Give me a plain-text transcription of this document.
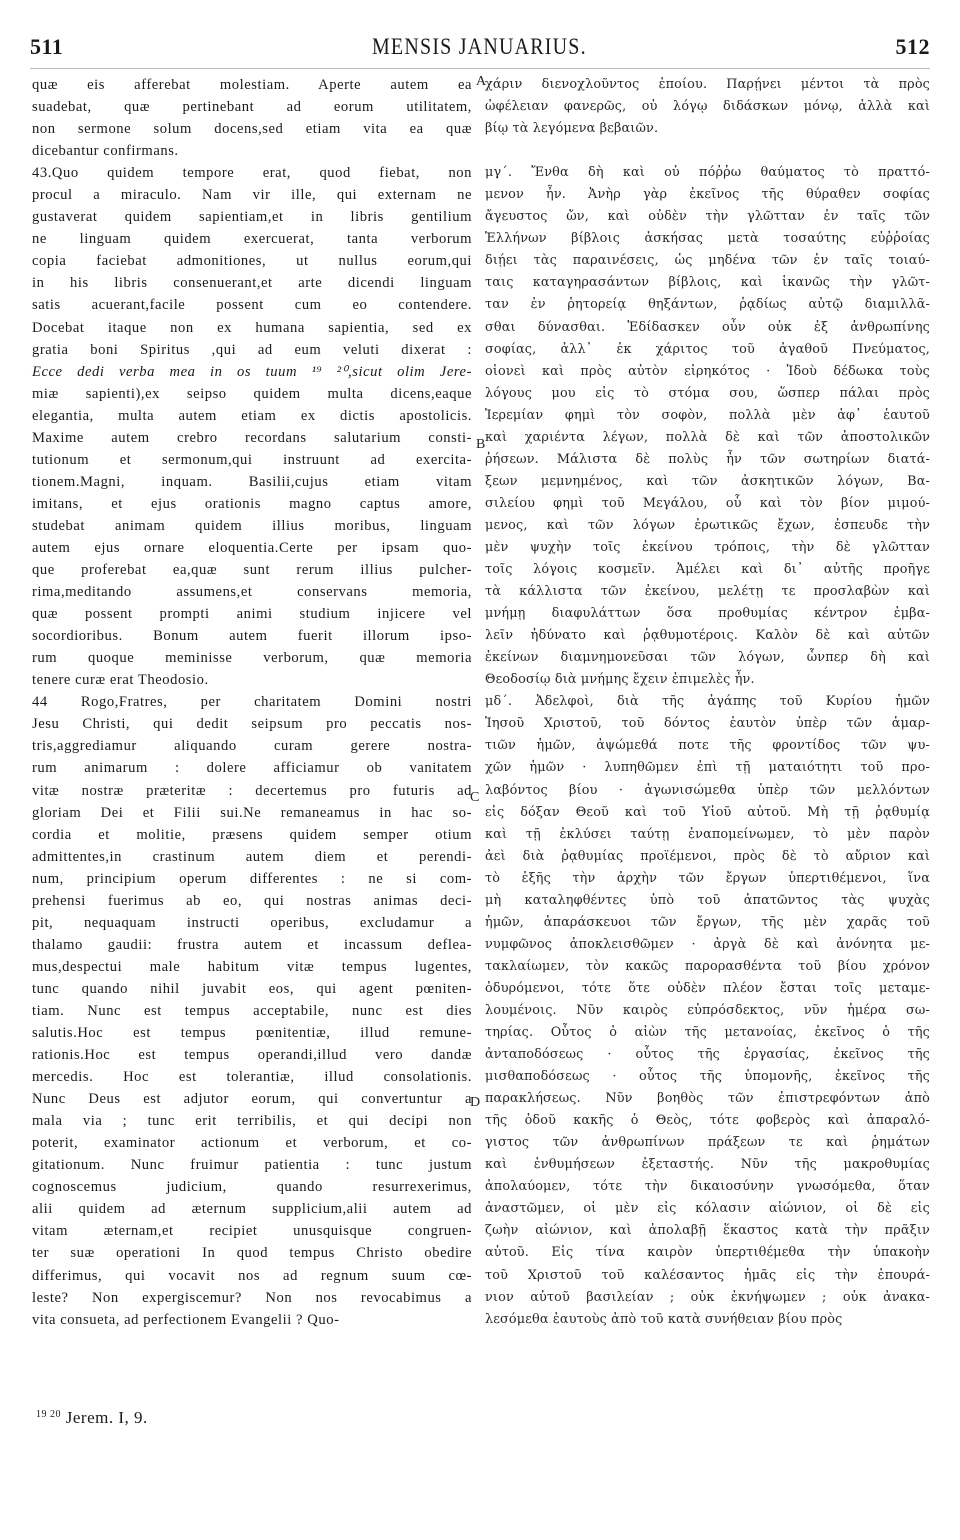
511	MENSIS JANUARIUS.	512
quæ eis afferebat molestiam. Aperte autem ea
suadebat, quæ pertinebant ad eorum utilitatem,
non sermone solum docens,sed etiam vita ea quæ
dicebantur confirmans.
43.Quo quidem tempore erat, quod fiebat, non
procul a miraculo. Nam vir ille, qui externam ne
gustaverat quidem sapientiam,et in libris gentilium
ne linguam quidem exercuerat, tanta verborum
copia faciebat admonitiones, ut nullus eorum,qui
in his libris consenuerant,et arte dicendi linguam
satis acuerant,facile possent cum eo contendere.
Docebat itaque non ex humana sapientia, sed ex
gratia boni Spiritus ,qui ad eum veluti dixerat :
Ecce dedi verba mea in os tuum ¹⁹ ²⁰,sicut olim Jere-
miæ sapienti),ex seipso quidem multa dicens,eaque
elegantia, multa autem etiam ex dictis apostolicis.
Maxime autem crebro recordans salutarium consti-
tutionum et sermonum,qui instruunt ad exercita-
tionem.Magni, inquam. Basilii,cujus etiam vitam
imitans, et ejus orationis magno captus amore,
studebat animam quidem illius moribus, linguam
autem ejus ornare eloquentia.Certe per ipsam quo-
que proferebat ea,quæ sunt rerum illius pulcher-
rima,meditando assumens,et conservans memoria,
quæ possent prompti animi studium injicere vel
socordioribus. Bonum autem fuerit illorum ipso-
rum quoque meminisse verborum, quæ memoria
tenere curæ erat Theodosio.
44 Rogo,Fratres, per charitatem Domini nostri
Jesu Christi, qui dedit seipsum pro peccatis nos-
tris,aggrediamur aliquando curam gerere nostra-
rum animarum : dolere afficiamur ob vanitatem
vitæ nostræ præteritæ : decertemus pro futuris ad
gloriam Dei et Filii sui.Ne remaneamus in hac so-
cordia et molitie, præsens quidem semper otium
admittentes,in crastinum autem diem et perendi-
num, principium operum differentes : ne si com-
prehensi fuerimus ab eo, qui nostras animas deci-
pit, nequaquam instructi operibus, excludamur a
thalamo gaudii: frustra autem et incassum deflea-
mus,despectui male habitum vitæ tempus lugentes,
tunc quando nihil juvabit eos, qui agent pœniten-
tiam. Nunc est tempus acceptabile, nunc est dies
salutis.Hoc est tempus pœnitentiæ, illud remune-
rationis.Hoc est tempus operandi,illud vero dandæ
mercedis. Hoc est tolerantiæ, illud consolationis.
Nunc Deus est adjutor eorum, qui convertuntur a
mala via ; tunc erit terribilis, et qui decipi non
poterit, examinator actionum et verborum, et co-
gitationum. Nunc fruimur patientia : tunc justum
cognoscemus judicium, quando resurrexerimus,
alii quidem ad æternum supplicium,alii autem ad
vitam æternam,et recipiet unusquisque congruen-
ter suæ operationi In quod tempus Christo obedire
differimus, qui vocavit nos ad regnum suum cœ-
leste? Non expergiscemur? Non nos revocabimus a
vita consueta, ad perfectionem Evangelii ? Quo-
χάριν διενοχλοῦντος ἐποίου. Παρῄνει μέντοι τὰ πρὸς
ὠφέλειαν φανερῶς, οὐ λόγῳ διδάσκων μόνῳ, ἀλλὰ καὶ
βίῳ τὰ λεγόμενα βεβαιῶν.
μγ΄. Ἔνθα δὴ καὶ οὐ πόῤῥω θαύματος τὸ πραττό-
μενον ἦν. Ἀνὴρ γὰρ ἐκεῖνος τῆς θύραθεν σοφίας
ἄγευστος ὤν, καὶ οὐδὲν τὴν γλῶτταν ἐν ταῖς τῶν
Ἑλλήνων βίβλοις ἀσκήσας μετὰ τοσαύτης εὐῤῥοίας
διῄει τὰς παραινέσεις, ὡς μηδένα τῶν ἐν ταῖς τοιαύ-
ταις καταγηρασάντων βίβλοις, καὶ ἱκανῶς τὴν γλῶτ-
ταν ἐν ῥητορείᾳ θηξάντων, ῥᾳδίως αὐτῷ διαμιλλᾶ-
σθαι δύνασθαι. Ἐδίδασκεν οὖν οὐκ ἐξ ἀνθρωπίνης
σοφίας, ἀλλ᾽ ἐκ χάριτος τοῦ ἀγαθοῦ Πνεύματος,
οἱονεὶ καὶ πρὸς αὐτὸν εἰρηκότος · Ἰδοὺ δέδωκα τοὺς
λόγους μου εἰς τὸ στόμα σου, ὥσπερ πάλαι πρὸς
Ἱερεμίαν φημὶ τὸν σοφὸν, πολλὰ μὲν ἀφ᾽ ἑαυτοῦ
καὶ χαριέντα λέγων, πολλὰ δὲ καὶ τῶν ἀποστολικῶν
ῥήσεων. Μάλιστα δὲ πολὺς ἦν τῶν σωτηρίων διατά-
ξεων μεμνημένος, καὶ τῶν ἀσκητικῶν λόγων, Βα-
σιλείου φημὶ τοῦ Μεγάλου, οὗ καὶ τὸν βίον μιμού-
μενος, καὶ τῶν λόγων ἐρωτικῶς ἔχων, ἐσπευδε τὴν
μὲν ψυχὴν τοῖς ἐκείνου τρόποις, τὴν δὲ γλῶτταν
τοῖς λόγοις κοσμεῖν. Ἀμέλει καὶ δι᾽ αὐτῆς προῆγε
τὰ κάλλιστα τῶν ἐκείνου, μελέτῃ τε προσλαβὼν καὶ
μνήμῃ διαφυλάττων ὅσα προθυμίας κέντρον ἐμβα-
λεῖν ἠδύνατο καὶ ῥᾳθυμοτέροις. Καλὸν δὲ καὶ αὐτῶν
ἐκείνων διαμνημονεῦσαι τῶν λόγων, ὧνπερ δὴ καὶ
Θεοδοσίῳ διὰ μνήμης ἔχειν ἐπιμελὲς ἦν.
μδ΄. Ἀδελφοὶ, διὰ τῆς ἀγάπης τοῦ Κυρίου ἡμῶν
Ἰησοῦ Χριστοῦ, τοῦ δόντος ἑαυτὸν ὑπὲρ τῶν ἁμαρ-
τιῶν ἡμῶν, ἀψώμεθά ποτε τῆς φροντίδος τῶν ψυ-
χῶν ἡμῶν · λυπηθῶμεν ἐπὶ τῇ ματαιότητι τοῦ προ-
λαβόντος βίου · ἀγωνισώμεθα ὑπὲρ τῶν μελλόντων
εἰς δόξαν Θεοῦ καὶ τοῦ Υἱοῦ αὐτοῦ. Μὴ τῇ ῥᾳθυμίᾳ
καὶ τῇ ἐκλύσει ταύτῃ ἐναπομείνωμεν, τὸ μὲν παρὸν
ἀεὶ διὰ ῥᾳθυμίας προϊέμενοι, πρὸς δὲ τὸ αὔριον καὶ
τὸ ἑξῆς τὴν ἀρχὴν τῶν ἔργων ὑπερτιθέμενοι, ἵνα
μὴ καταληφθέντες ὑπὸ τοῦ ἀπατῶντος τὰς ψυχὰς
ἡμῶν, ἀπαράσκευοι τῶν ἔργων, τῆς μὲν χαρᾶς τοῦ
νυμφῶνος ἀποκλεισθῶμεν · ἀργὰ δὲ καὶ ἀνόνητα με-
τακλαίωμεν, τὸν κακῶς παρορασθέντα τοῦ βίου χρόνον
ὀδυρόμενοι, τότε ὅτε οὐδὲν πλέον ἔσται τοῖς μεταμε-
λουμένοις. Νῦν καιρὸς εὐπρόσδεκτος, νῦν ἡμέρα σω-
τηρίας. Οὗτος ὁ αἰὼν τῆς μετανοίας, ἐκεῖνος ὁ τῆς
ἀνταποδόσεως · οὗτος τῆς ἐργασίας, ἐκεῖνος τῆς
μισθαποδόσεως · οὗτος τῆς ὑπομονῆς, ἐκεῖνος τῆς
παρακλήσεως. Νῦν βοηθὸς τῶν ἐπιστρεφόντων ἀπὸ
τῆς ὁδοῦ κακῆς ὁ Θεὸς, τότε φοβερὸς καὶ ἀπαραλό-
γιστος τῶν ἀνθρωπίνων πράξεων τε καὶ ῥημάτων
καὶ ἐνθυμήσεων ἐξεταστής. Νῦν τῆς μακροθυμίας
ἀπολαύομεν, τότε τὴν δικαιοσύνην γνωσόμεθα, ὅταν
ἀναστῶμεν, οἱ μὲν εἰς κόλασιν αἰώνιον, οἱ δὲ εἰς
ζωὴν αἰώνιον, καὶ ἀπολαβῇ ἕκαστος κατὰ τὴν πρᾶξιν
αὐτοῦ. Εἰς τίνα καιρὸν ὑπερτιθέμεθα τὴν ὑπακοὴν
τοῦ Χριστοῦ τοῦ καλέσαντος ἡμᾶς εἰς τὴν ἐπουρά-
νιον αὐτοῦ βασιλείαν ; οὐκ ἐκνήψωμεν ; οὐκ ἀνακα-
λεσόμεθα ἑαυτοὺς ἀπὸ τοῦ κατὰ συνήθειαν βίου πρὸς
A
B
C
D
$^{19 20}$ Jerem. I, 9.
